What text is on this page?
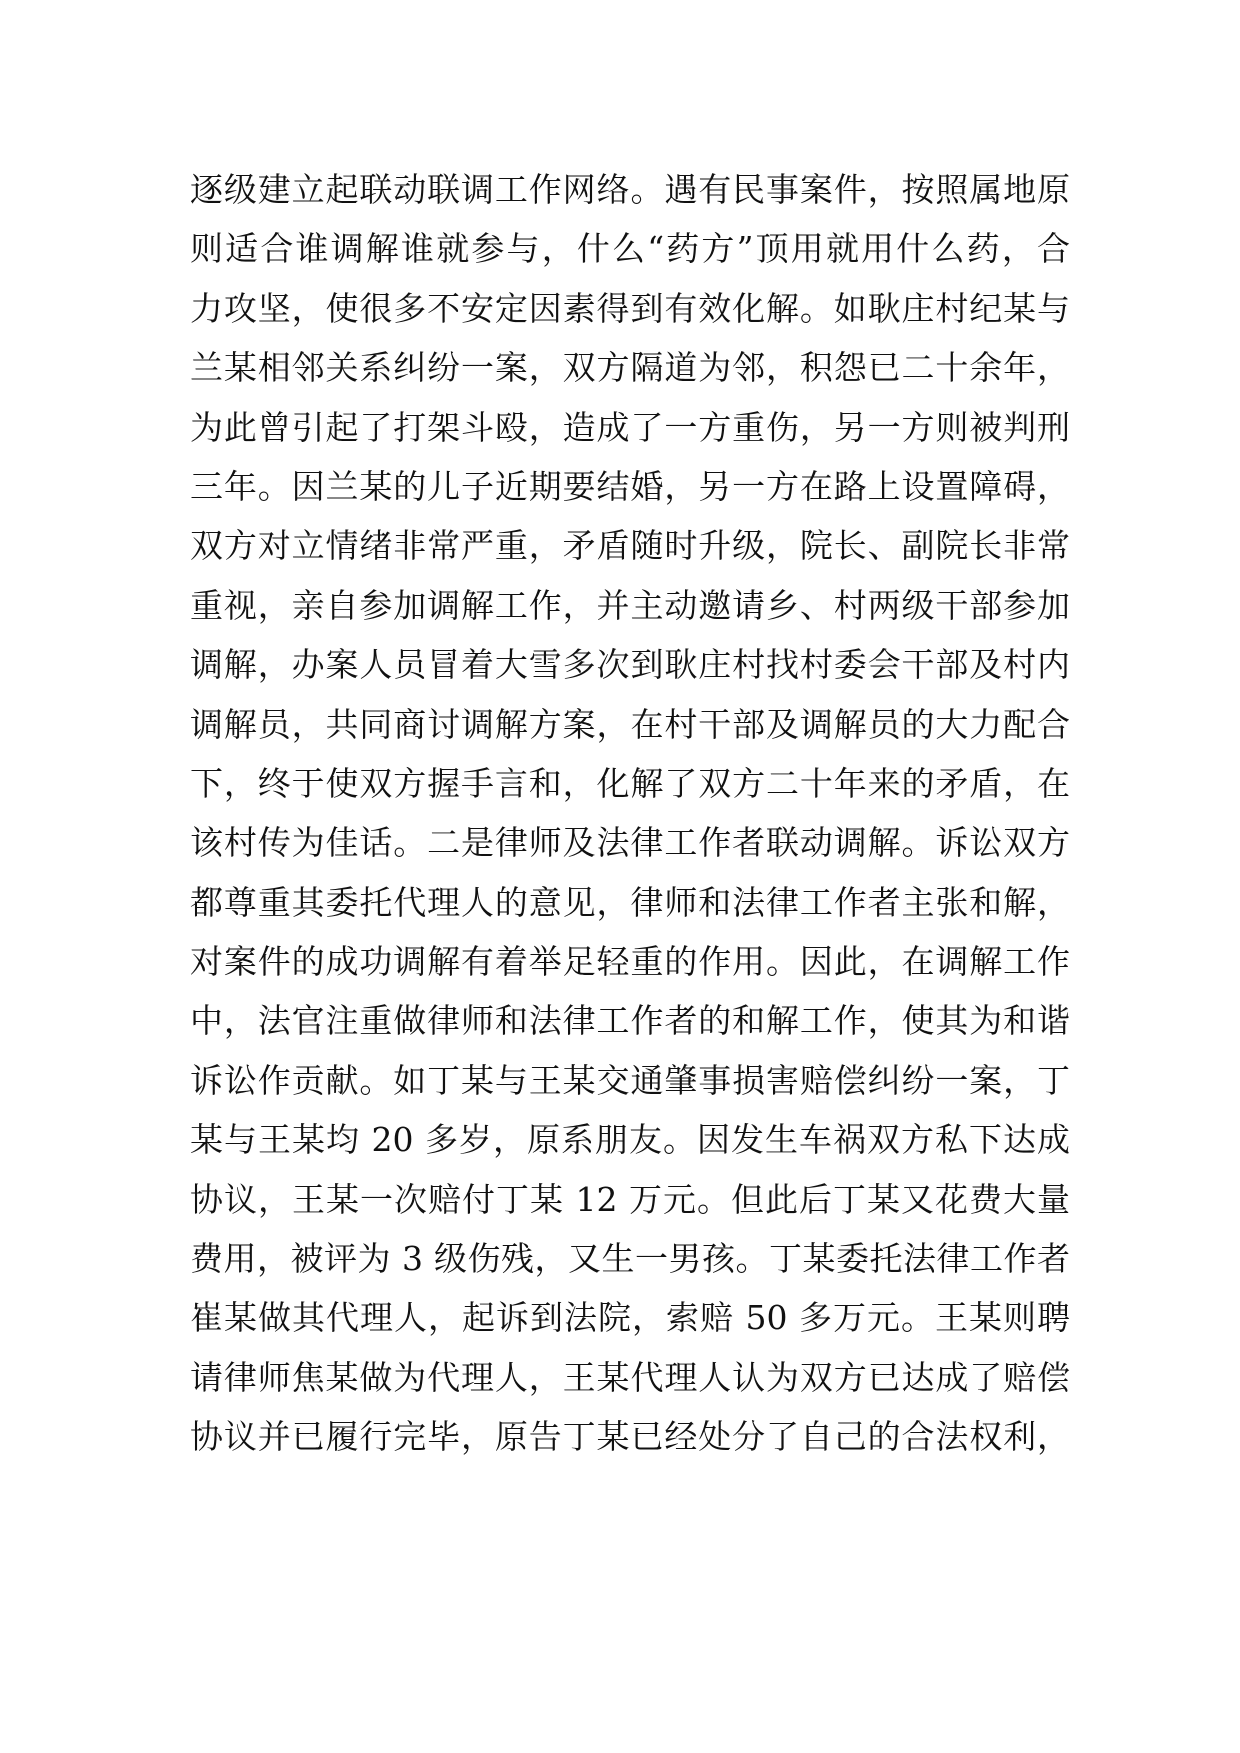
逐级建立起联动联调工作网络。遇有民事案件，按照属地原
则适合谁调解谁就参与，什么“药方”顶用就用什么药，合
力攻坚，使很多不安定因素得到有效化解。如耿庄村纪某与
兰某相邻关系纠纷一案，双方隔道为邻，积怨已二十余年，
为此曾引起了打架斗殴，造成了一方重伤，另一方则被判刑
三年。因兰某的儿子近期要结婚，另一方在路上设置障碍，
双方对立情绪非常严重，矛盾随时升级，院长、副院长非常
重视，亲自参加调解工作，并主动邀请乡、村两级干部参加
调解，办案人员冒着大雪多次到耿庄村找村委会干部及村内
调解员，共同商讨调解方案，在村干部及调解员的大力配合
下，终于使双方握手言和，化解了双方二十年来的矛盾，在
该村传为佳话。二是律师及法律工作者联动调解。诉讼双方
都尊重其委托代理人的意见，律师和法律工作者主张和解，
对案件的成功调解有着举足轻重的作用。因此，在调解工作
中，法官注重做律师和法律工作者的和解工作，使其为和谐
诉讼作贡献。如丁某与王某交通肇事损害赔偿纠纷一案，丁
某与王某均 20 多岁，原系朋友。因发生车祸双方私下达成
协议，王某一次赔付丁某 12 万元。但此后丁某又花费大量
费用，被评为 3 级伤残，又生一男孩。丁某委托法律工作者
崔某做其代理人，起诉到法院，索赔 50 多万元。王某则聘
请律师焦某做为代理人，王某代理人认为双方已达成了赔偿
协议并已履行完毕，原告丁某已经处分了自己的合法权利，
